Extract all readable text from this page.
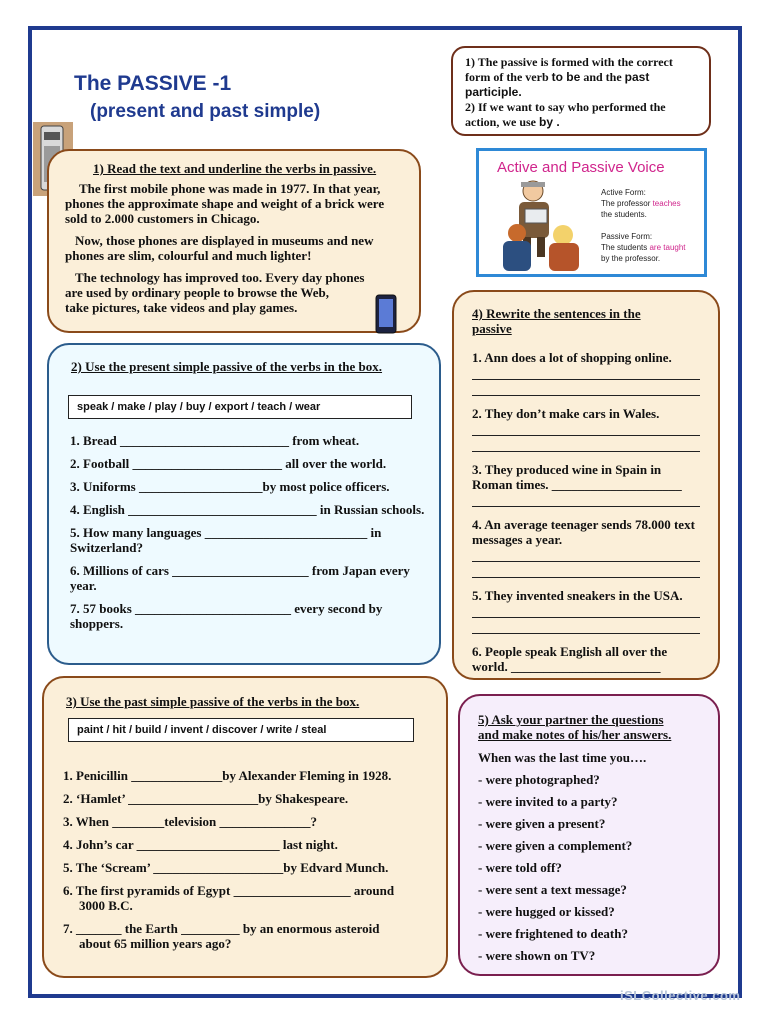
The PASSIVE -1
(present and past simple)
1) The passive is formed with the correct form of the verb to be and the past participle.
2) If we want to say who performed the action, we use by .
Active and Passive Voice
Active Form:
The professor teaches
the students.
Passive Form:
The students are taught
by the professor.
1) Read the text and underline the verbs in passive.
The first mobile phone was made in 1977. In that year, phones the approximate shape and weight of a brick were sold to 2.000 customers in Chicago.
Now, those phones are displayed in museums and new phones are slim, colourful and much lighter!
The technology has improved too. Every day phones are used by ordinary people to browse the Web,
take pictures, take videos and play games.
2) Use the present simple passive of the verbs in the box.
speak / make / play / buy / export / teach / wear
1. Bread __________________________ from wheat.
2. Football _______________________ all over the world.
3. Uniforms ___________________by most police officers.
4. English _____________________________ in Russian schools.
5. How many languages _________________________ in Switzerland?
6. Millions of cars _____________________ from Japan every year.
7. 57 books ________________________ every second by shoppers.
3) Use the past simple passive of the verbs in the box.
paint / hit / build / invent / discover / write / steal
1. Penicillin ______________by Alexander Fleming in 1928.
2. ‘Hamlet’ ____________________by Shakespeare.
3. When ________television ______________?
4. John’s car ______________________ last night.
5. The ‘Scream’ ____________________by Edvard Munch.
6. The first pyramids of Egypt __________________ around
3000 B.C.
7. _______ the Earth _________ by an enormous asteroid
about 65 million years ago?
4) Rewrite the sentences in the
passive
1. Ann does a lot of shopping online.
2. They don’t make cars in Wales.
3. They produced wine in Spain in Roman times. ____________________
4. An average teenager sends 78.000 text messages a year.
5. They invented sneakers in the USA.
6. People speak English all over the world. _______________________
5) Ask your partner the questions
and make notes of his/her answers.
When was the last time you….
- were photographed?
- were invited to a party?
- were given a present?
- were given a complement?
- were told off?
- were sent a text message?
- were hugged or kissed?
- were frightened to death?
- were shown on TV?
iSLCollective.com
